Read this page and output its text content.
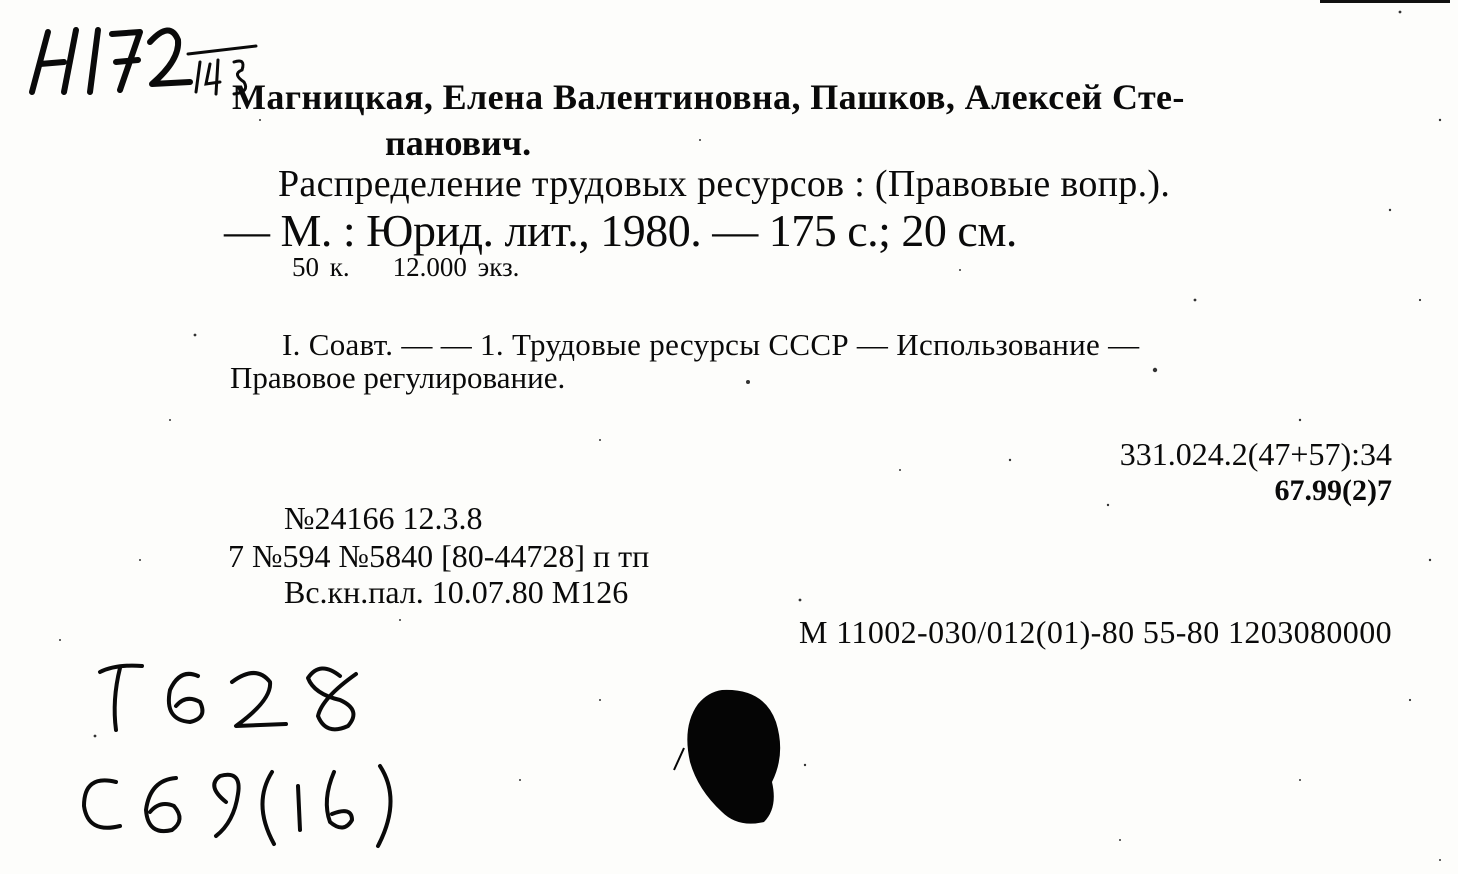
Магницкая, Елена Валентиновна, Пашков, Алексей Сте-
панович.
Распределение трудовых ресурсов : (Правовые вопр.).
— М. : Юрид. лит., 1980. — 175 с.; 20 см.
50 к.    12.000 экз.
I. Соавт. — — 1. Трудовые ресурсы СССР — Использование —
Правовое регулирование.
331.024.2(47+57):34
67.99(2)7
№24166 12.3.8
7 №594 №5840 [80-44728] п тп
Вс.кн.пал. 10.07.80 М126
М 11002-030/012(01)-80 55-80 1203080000
